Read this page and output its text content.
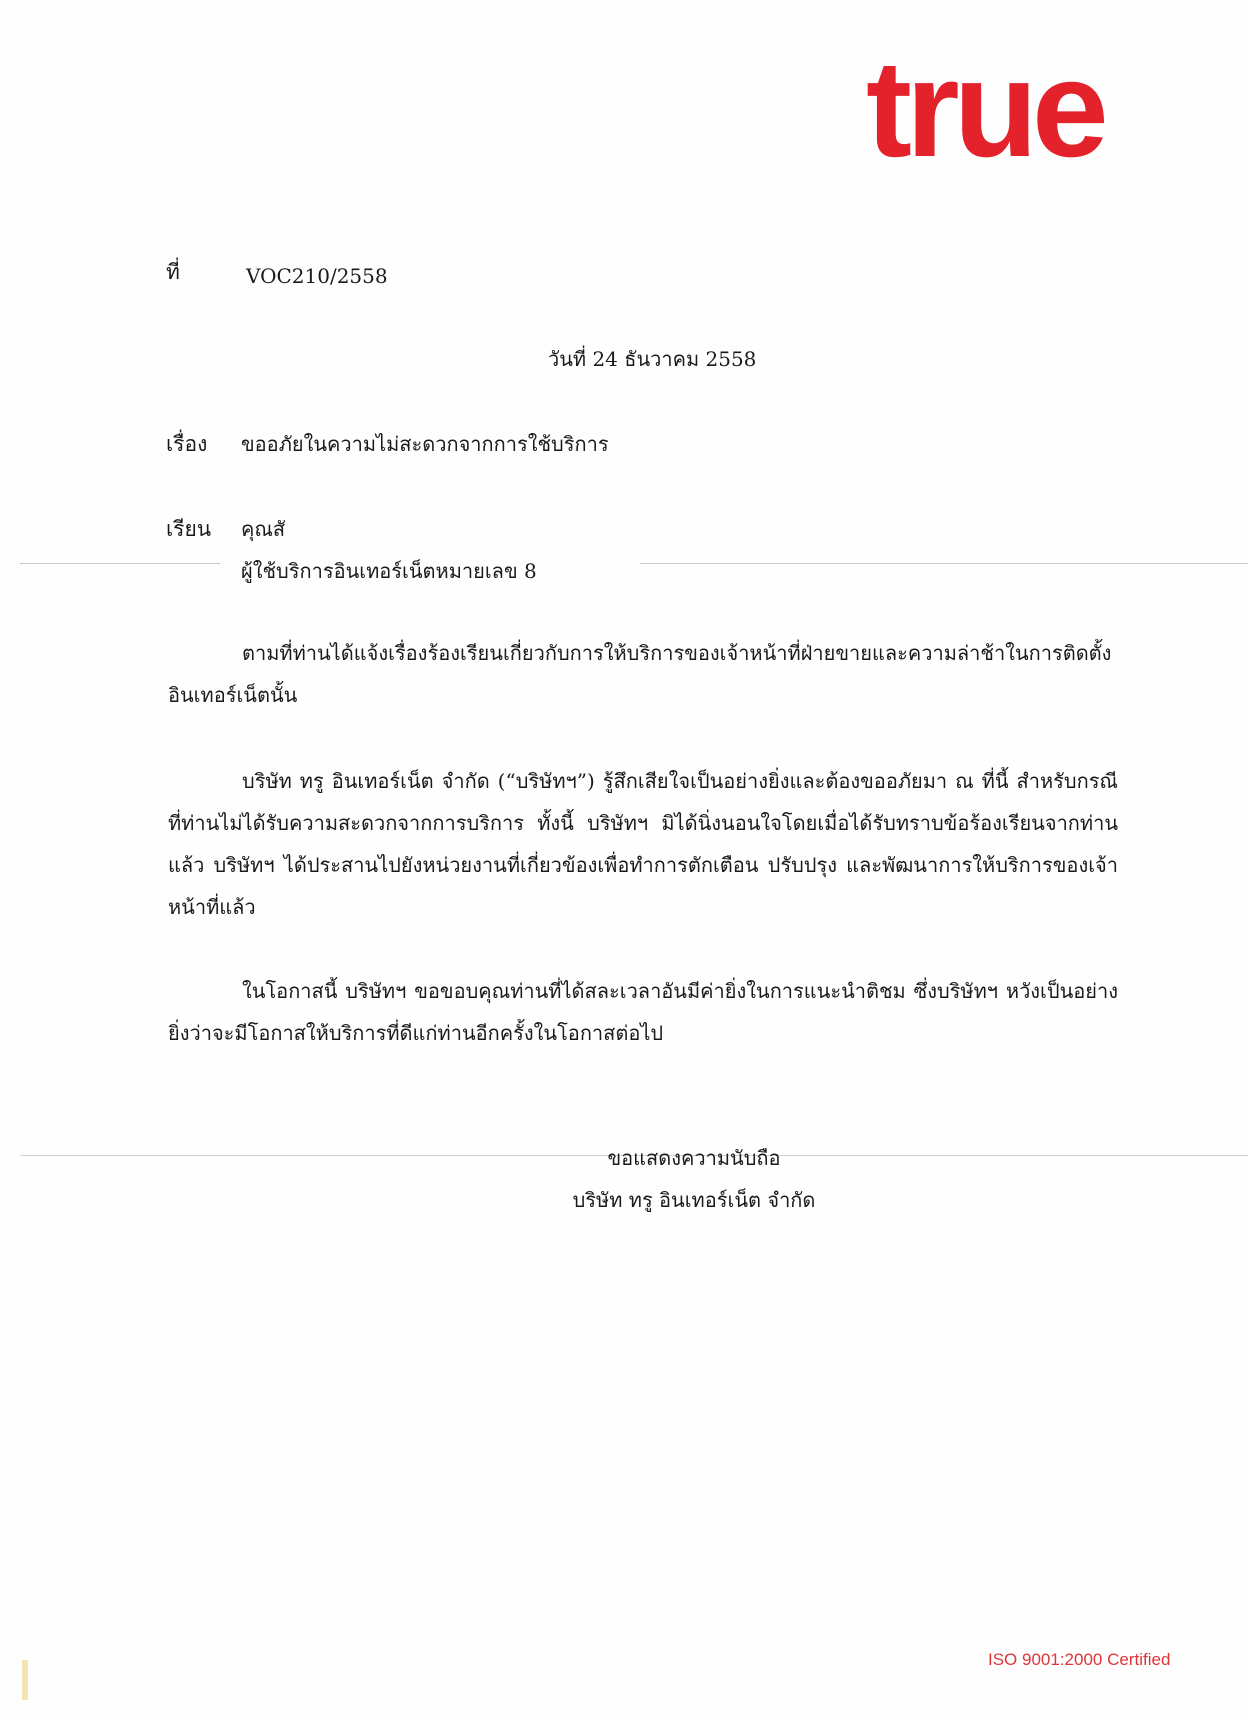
true
ที่	VOC210/2558
วันที่ 24 ธันวาคม 2558
เรื่อง ขออภัยในความไม่สะดวกจากการใช้บริการ
เรียน คุณสั
ผู้ใช้บริการอินเทอร์เน็ตหมายเลข 8
ตามที่ท่านได้แจ้งเรื่องร้องเรียนเกี่ยวกับการให้บริการของเจ้าหน้าที่ฝ่ายขายและความล่าช้าในการติดตั้งอินเทอร์เน็ตนั้น
บริษัท ทรู อินเทอร์เน็ต จำกัด (“บริษัทฯ”) รู้สึกเสียใจเป็นอย่างยิ่งและต้องขออภัยมา ณ ที่นี้ สำหรับกรณีที่ท่านไม่ได้รับความสะดวกจากการบริการ ทั้งนี้ บริษัทฯ มิได้นิ่งนอนใจโดยเมื่อได้รับทราบข้อร้องเรียนจากท่านแล้ว บริษัทฯ ได้ประสานไปยังหน่วยงานที่เกี่ยวข้องเพื่อทำการตักเตือน ปรับปรุง และพัฒนาการให้บริการของเจ้าหน้าที่แล้ว
ในโอกาสนี้ บริษัทฯ ขอขอบคุณท่านที่ได้สละเวลาอันมีค่ายิ่งในการแนะนำติชม ซึ่งบริษัทฯ หวังเป็นอย่างยิ่งว่าจะมีโอกาสให้บริการที่ดีแก่ท่านอีกครั้งในโอกาสต่อไป
ขอแสดงความนับถือ
บริษัท ทรู อินเทอร์เน็ต จำกัด
ISO 9001:2000 Certified
